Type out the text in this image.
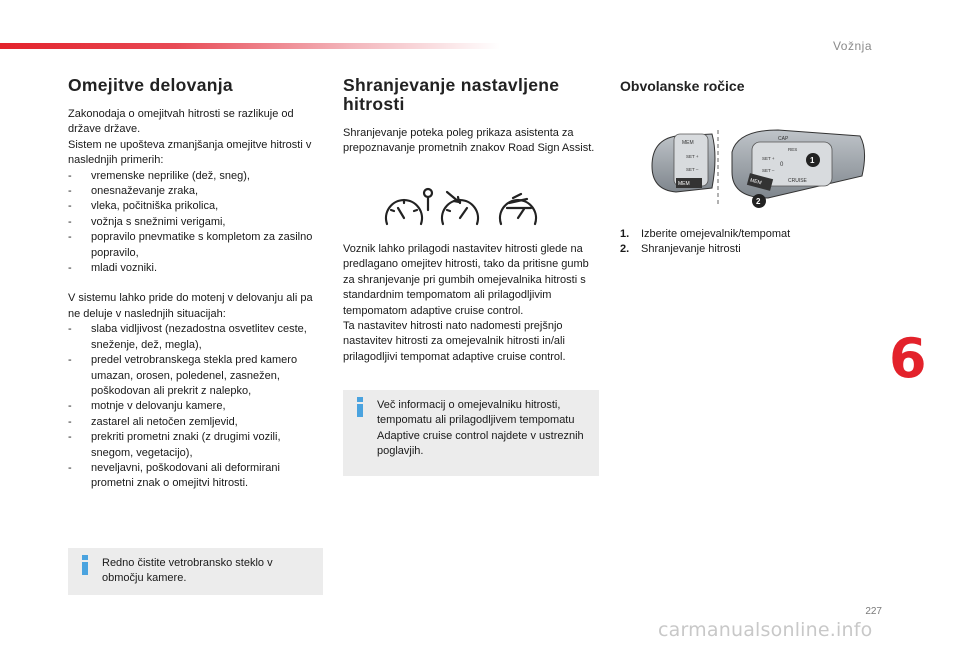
Vožnja
Omejitve delovanja

Zakonodaja o omejitvah hitrosti se razlikuje od države države.

Sistem ne upošteva zmanjšanja omejitve hitrosti v naslednjih primerih:

- vremenske neprilike (dež, sneg),
- onesnaževanje zraka,
- vleka, počitniška prikolica,
- vožnja s snežnimi verigami,
- popravilo pnevmatike s kompletom za zasilno popravilo,
- mladi vozniki.

V sistemu lahko pride do motenj v delovanju ali pa ne deluje v naslednjih situacijah:

- slaba vidljivost (nezadostna osvetlitev ceste, sneženje, dež, megla),
- predel vetrobranskega stekla pred kamero umazan, orosen, poledenel, zasnežen, poškodovan ali prekrit z nalepko,
- motnje v delovanju kamere,
- zastarel ali netočen zemljevid,
- prekriti prometni znaki (z drugimi vozili, snegom, vegetacijo),
- neveljavni, poškodovani ali deformirani prometni znak o omejitvi hitrosti.

Redno čistite vetrobransko steklo v območju kamere.

Shranjevanje nastavljene hitrosti

Shranjevanje poteka poleg prikaza asistenta za prepoznavanje prometnih znakov Road Sign Assist.

Voznik lahko prilagodi nastavitev hitrosti glede na predlagano omejitev hitrosti, tako da pritisne gumb za shranjevanje pri gumbih omejevalnika hitrosti s standardnim tempomatom ali prilagodljivim tempomatom adaptive cruise control.

Ta nastavitev hitrosti nato nadomesti prejšnjo nastavitev hitrosti za omejevalnik hitrosti in/ali prilagodljivi tempomat adaptive cruise control.

Več informacij o omejevalniku hitrosti, tempomatu ali prilagodljivem tempomatu Adaptive cruise control najdete v ustreznih poglavjih.

Obvolanske ročice
MEM
SET +
SET –
MEM
CAP
RES
SET +
SET –
0
CRUISE
MEM
1
2
1. Izberite omejevalnik/tempomat
2. Shranjevanje hitrosti
6
227
carmanualsonline.info
